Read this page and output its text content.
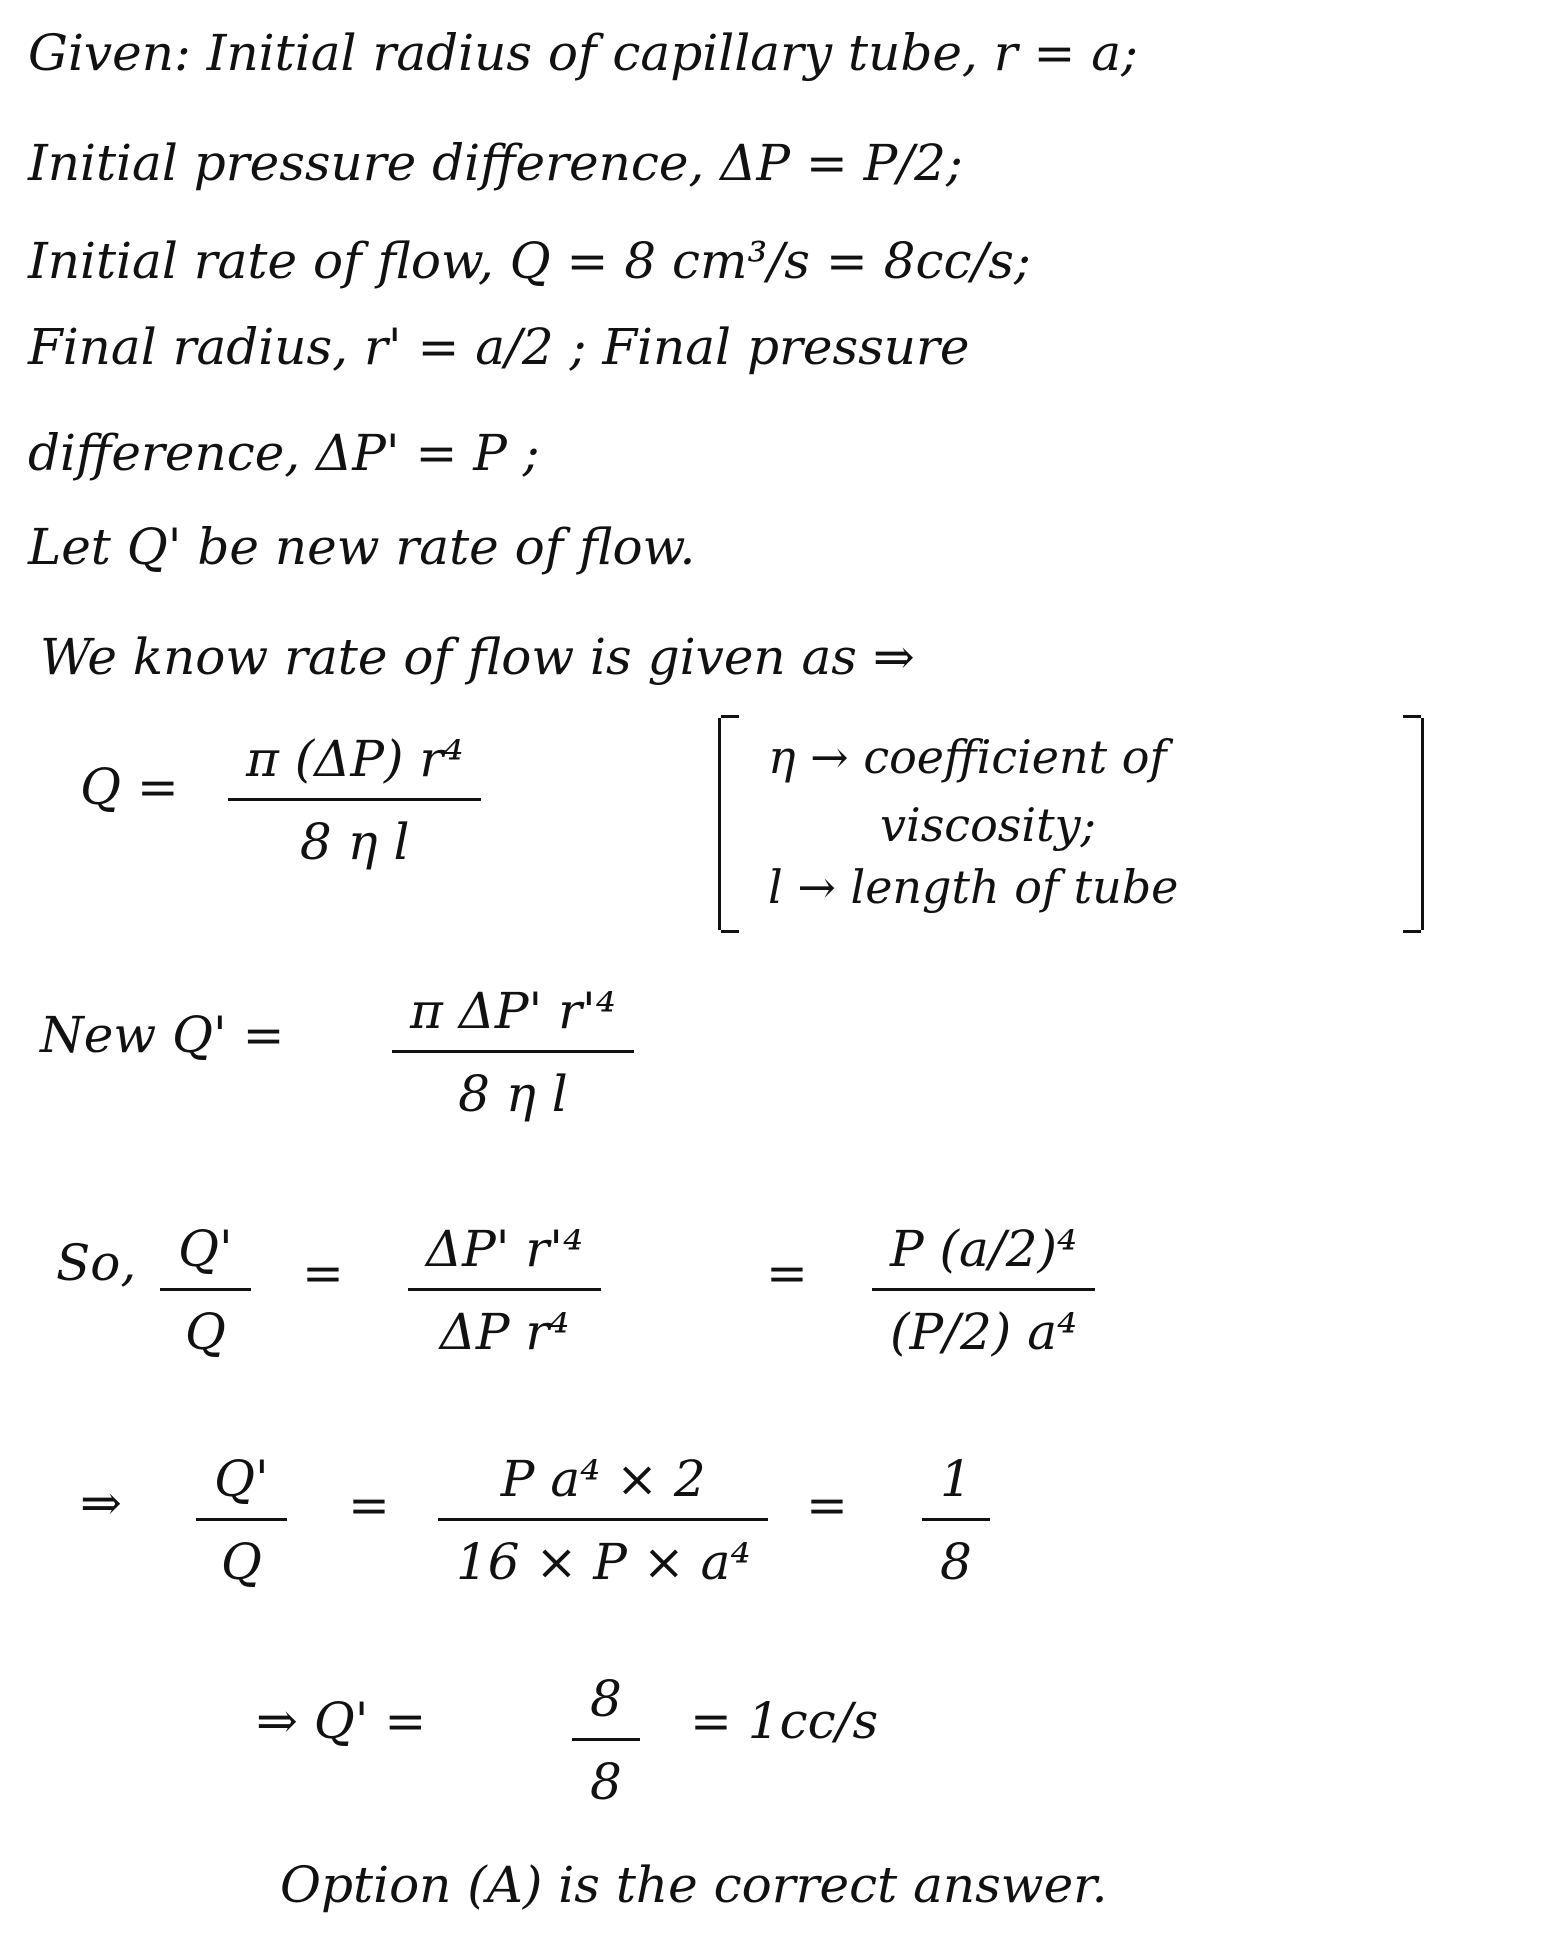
Given: Initial radius of capillary tube, r = a;
Initial pressure difference, ΔP = P/2;
Initial rate of flow, Q = 8 cm³/s = 8cc/s;
Final radius, r' = a/2 ; Final pressure
difference, ΔP' = P ;
Let Q' be new rate of flow.
We know rate of flow is given as ⇒
Q =	π (ΔP) r⁴
8 η l
η → coefficient of
viscosity;
l → length of tube
New Q' =	π ΔP' r'⁴
8 η l
So, Q'
Q
=	ΔP' r'⁴
ΔP r⁴
=	P (a/2)⁴
(P/2) a⁴
⇒	Q'
Q
=	P a⁴ × 2
16 × P × a⁴
=	1
8
⇒ Q' =	8
8
= 1cc/s
Option (A) is the correct answer.
